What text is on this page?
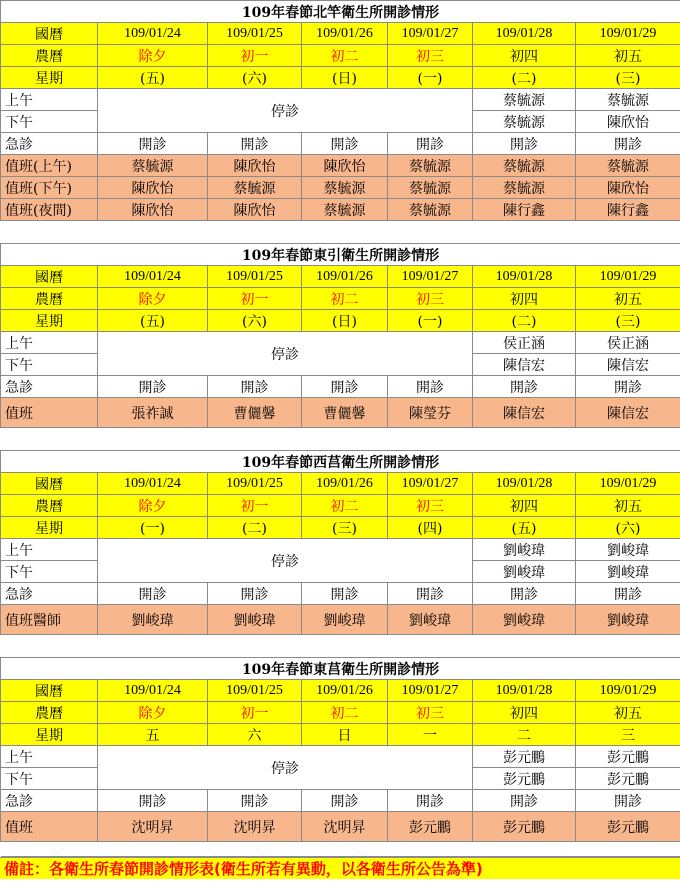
109年春節北竿衛生所開診情形						
國曆	109/01/24	109/01/25	109/01/26	109/01/27	109/01/28	109/01/29
農曆	除夕	初一	初二	初三	初四	初五
星期	(五)	(六)	(日)	(一)	(二)	(三)
上午	停診				蔡毓源	蔡毓源
下午					蔡毓源	陳欣怡
急診	開診	開診	開診	開診	開診	開診
值班(上午)	蔡毓源	陳欣怡	陳欣怡	蔡毓源	蔡毓源	蔡毓源
值班(下午)	陳欣怡	蔡毓源	蔡毓源	蔡毓源	蔡毓源	陳欣怡
值班(夜間)	陳欣怡	陳欣怡	蔡毓源	蔡毓源	陳行鑫	陳行鑫

109年春節東引衛生所開診情形						
國曆	109/01/24	109/01/25	109/01/26	109/01/27	109/01/28	109/01/29
農曆	除夕	初一	初二	初三	初四	初五
星期	(五)	(六)	(日)	(一)	(二)	(三)
上午	停診				侯正涵	侯正涵
下午					陳信宏	陳信宏
急診	開診	開診	開診	開診	開診	開診
值班	張祚誠	曹儷馨	曹儷馨	陳瑩芬	陳信宏	陳信宏

109年春節西莒衛生所開診情形						
國曆	109/01/24	109/01/25	109/01/26	109/01/27	109/01/28	109/01/29
農曆	除夕	初一	初二	初三	初四	初五
星期	(一)	(二)	(三)	(四)	(五)	(六)
上午	停診				劉峻瑋	劉峻瑋
下午					劉峻瑋	劉峻瑋
急診	開診	開診	開診	開診	開診	開診
值班醫師	劉峻瑋	劉峻瑋	劉峻瑋	劉峻瑋	劉峻瑋	劉峻瑋

109年春節東莒衛生所開診情形						
國曆	109/01/24	109/01/25	109/01/26	109/01/27	109/01/28	109/01/29
農曆	除夕	初一	初二	初三	初四	初五
星期	五	六	日	一	二	三
上午	停診				彭元鵬	彭元鵬
下午					彭元鵬	彭元鵬
急診	開診	開診	開診	開診	開診	開診
值班	沈明昇	沈明昇	沈明昇	彭元鵬	彭元鵬	彭元鵬

備註：各衛生所春節開診情形表(衛生所若有異動，以各衛生所公告為準)
